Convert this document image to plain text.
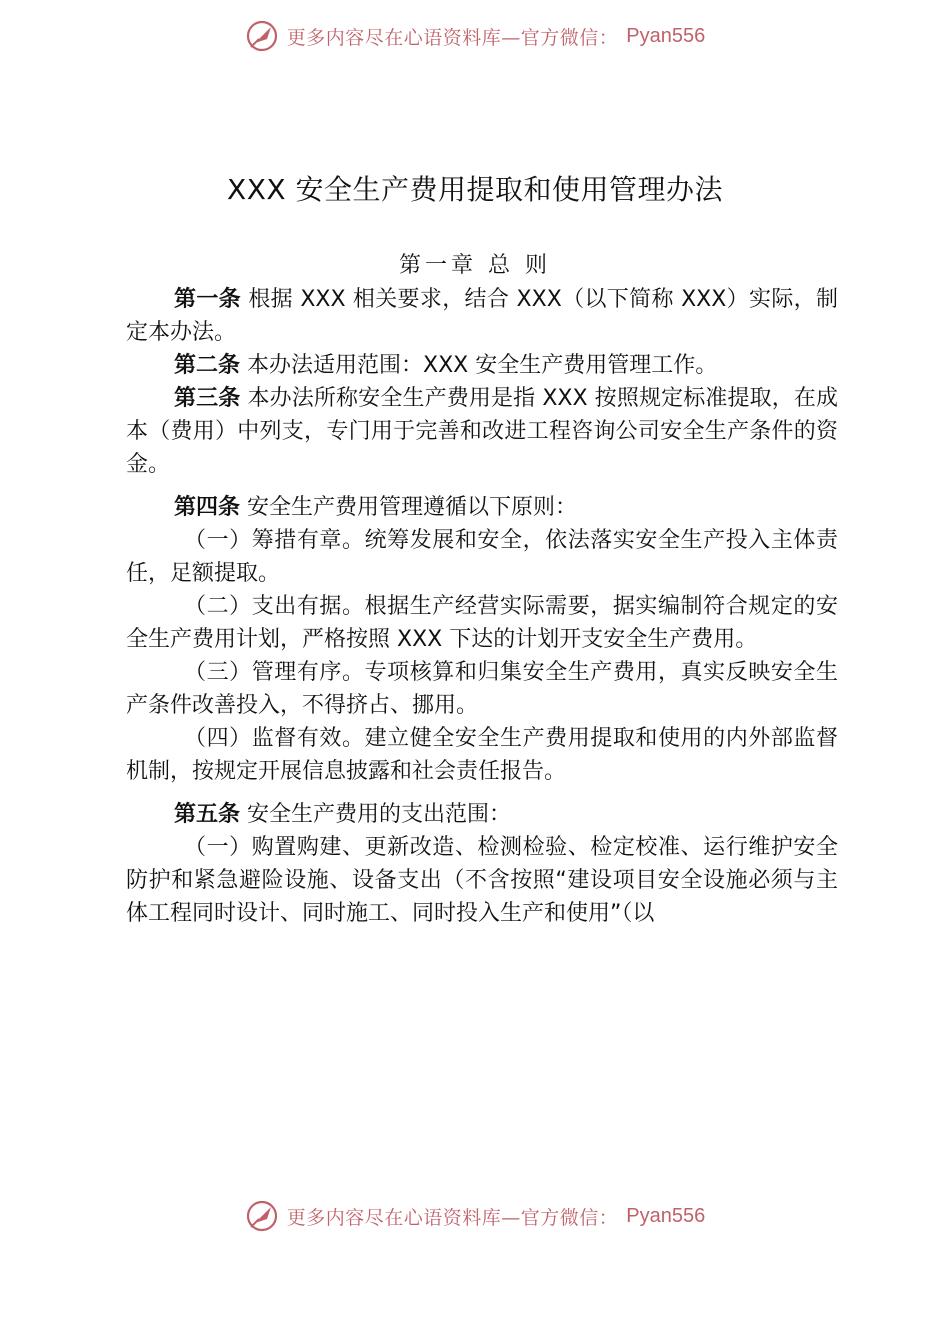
更多内容尽在心语资料库—官方微信： Pyan556
XXX 安全生产费用提取和使用管理办法
第一章 总 则

第一条 根据 XXX 相关要求，结合 XXX（以下简称 XXX）实际，制定本办法。

第二条 本办法适用范围：XXX 安全生产费用管理工作。

第三条 本办法所称安全生产费用是指 XXX 按照规定标准提取，在成本（费用）中列支，专门用于完善和改进工程咨询公司安全生产条件的资金。

第四条 安全生产费用管理遵循以下原则：

（一）筹措有章。统筹发展和安全，依法落实安全生产投入主体责任，足额提取。

（二）支出有据。根据生产经营实际需要，据实编制符合规定的安全生产费用计划，严格按照 XXX 下达的计划开支安全生产费用。

（三）管理有序。专项核算和归集安全生产费用，真实反映安全生产条件改善投入，不得挤占、挪用。

（四）监督有效。建立健全安全生产费用提取和使用的内外部监督机制，按规定开展信息披露和社会责任报告。

第五条 安全生产费用的支出范围：

（一）购置购建、更新改造、检测检验、检定校准、运行维护安全防护和紧急避险设施、设备支出（不含按照“建设项目安全设施必须与主体工程同时设计、同时施工、同时投入生产和使用”（以

更多内容尽在心语资料库—官方微信： Pyan556
